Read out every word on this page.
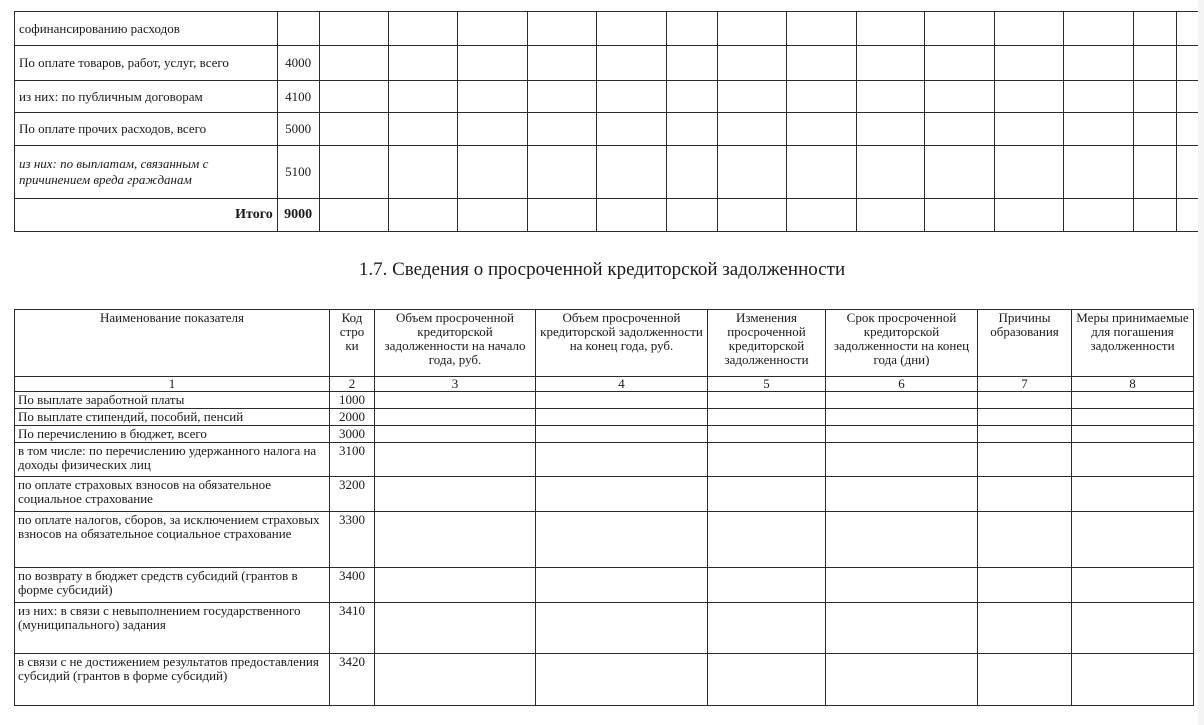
софинансированию расходов															
По оплате товаров, работ, услуг, всего	4000														
из них: по публичным договорам	4100														
По оплате прочих расходов, всего	5000														
из них: по выплатам, связанным с причинением вреда гражданам	5100														
Итого	9000														
1.7. Сведения о просроченной кредиторской задолженности
Наименование показателя	Код стро ки	Объем просроченной кредиторской задолженности на начало года, руб.	Объем просроченной кредиторской задолженности на конец года, руб.	Изменения просроченной кредиторской задолженности	Срок просроченной кредиторской задолженности на конец года (дни)	Причины образования	Меры принимаемые для погашения задолженности
1	2	3	4	5	6	7	8
По выплате заработной платы	1000						
По выплате стипендий, пособий, пенсий	2000						
По перечислению в бюджет, всего	3000						
в том числе: по перечислению удержанного налога на доходы физических лиц	3100						
по оплате страховых взносов на обязательное социальное страхование	3200						
по оплате налогов, сборов, за исключением страховых взносов на обязательное социальное страхование	3300						
по возврату в бюджет средств субсидий (грантов в форме субсидий)	3400						
из них: в связи с невыполнением государственного (муниципального) задания	3410						
в связи с не достижением результатов предоставления субсидий (грантов в форме субсидий)	3420						
